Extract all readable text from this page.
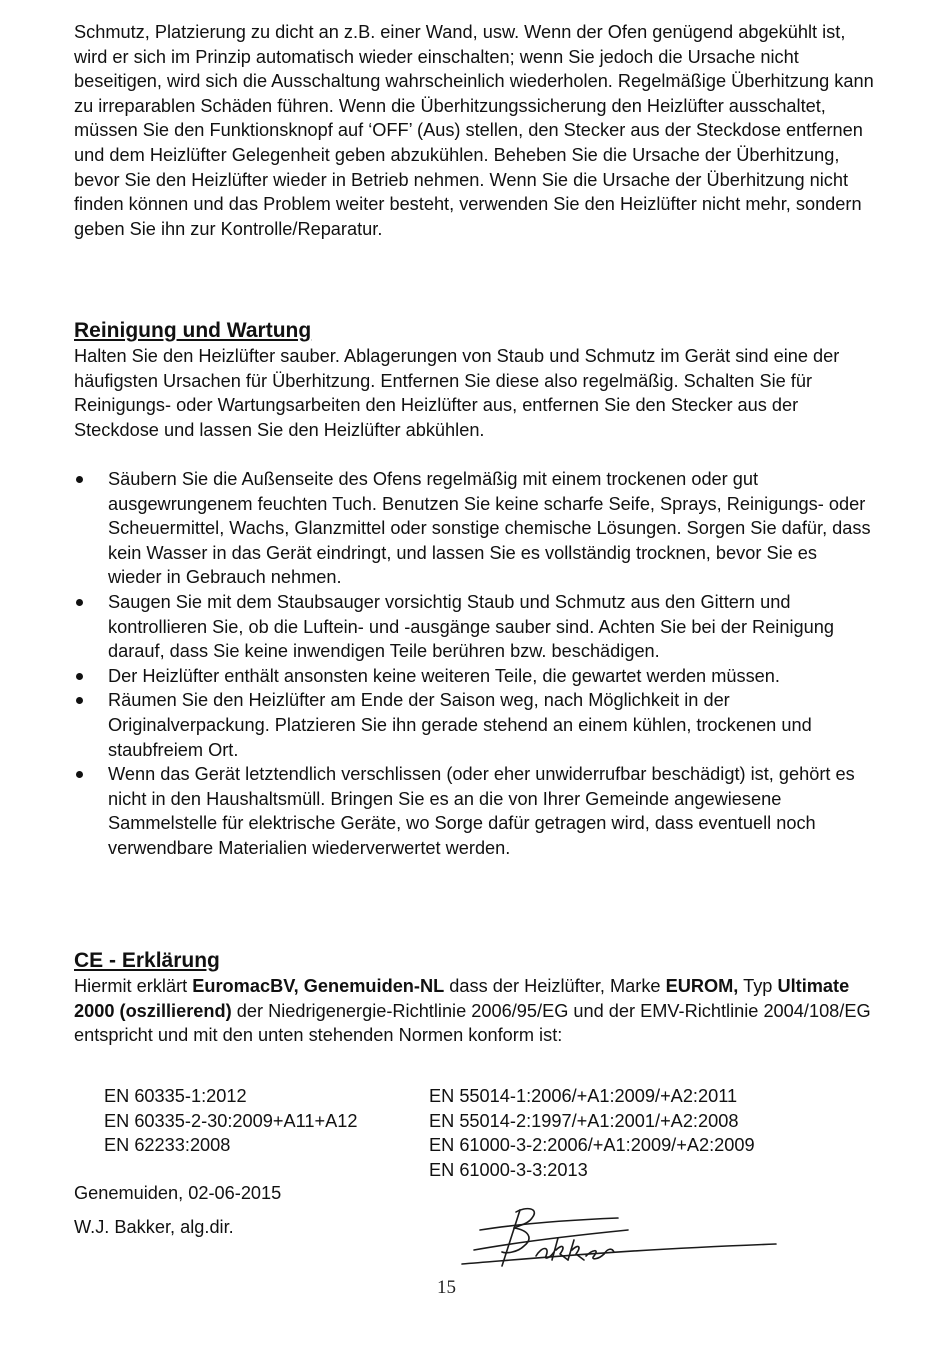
Schmutz, Platzierung zu dicht an z.B. einer Wand, usw. Wenn der Ofen genügend abgekühlt ist, wird er sich im Prinzip automatisch wieder einschalten; wenn Sie jedoch die Ursache nicht beseitigen, wird sich die Ausschaltung wahrscheinlich wiederholen. Regelmäßige Überhitzung kann zu irreparablen Schäden führen. Wenn die Überhitzungssicherung den Heizlüfter ausschaltet, müssen Sie den Funktionsknopf auf ‘OFF’ (Aus) stellen, den Stecker aus der Steckdose entfernen und dem Heizlüfter Gelegenheit geben abzukühlen. Beheben Sie die Ursache der Überhitzung, bevor Sie den Heizlüfter wieder in Betrieb nehmen. Wenn Sie die Ursache der Überhitzung nicht finden können und das Problem weiter besteht, verwenden Sie den Heizlüfter nicht mehr, sondern geben Sie ihn zur Kontrolle/Reparatur.

Reinigung und Wartung

Halten Sie den Heizlüfter sauber. Ablagerungen von Staub und Schmutz im Gerät sind eine der häufigsten Ursachen für Überhitzung. Entfernen Sie diese also regelmäßig. Schalten Sie für Reinigungs- oder Wartungsarbeiten den Heizlüfter aus, entfernen Sie den Stecker aus der Steckdose und lassen Sie den Heizlüfter abkühlen.

Säubern Sie die Außenseite des Ofens regelmäßig mit einem trockenen oder gut ausgewrungenem feuchten Tuch. Benutzen Sie keine scharfe Seife, Sprays, Reinigungs- oder Scheuermittel, Wachs, Glanzmittel oder sonstige chemische Lösungen. Sorgen Sie dafür, dass kein Wasser in das Gerät eindringt, und lassen Sie es vollständig trocknen, bevor Sie es wieder in Gebrauch nehmen.
Saugen Sie mit dem Staubsauger vorsichtig Staub und Schmutz aus den Gittern und kontrollieren Sie, ob die Luftein- und -ausgänge sauber sind. Achten Sie bei der Reinigung darauf, dass Sie keine inwendigen Teile berühren bzw. beschädigen.
Der Heizlüfter enthält ansonsten keine weiteren Teile, die gewartet werden müssen.
Räumen Sie den Heizlüfter am Ende der Saison weg, nach Möglichkeit in der Originalverpackung. Platzieren Sie ihn gerade stehend an einem kühlen, trockenen und staubfreiem Ort.
Wenn das Gerät letztendlich verschlissen (oder eher unwiderrufbar beschädigt) ist, gehört es nicht in den Haushaltsmüll. Bringen Sie es an die von Ihrer Gemeinde angewiesene Sammelstelle für elektrische Geräte, wo Sorge dafür getragen wird, dass eventuell noch verwendbare Materialien wiederverwertet werden.
CE - Erklärung

Hiermit erklärt EuromacBV, Genemuiden-NL dass der Heizlüfter, Marke EUROM, Typ Ultimate 2000 (oszillierend) der Niedrigenergie-Richtlinie 2006/95/EG und der EMV-Richtlinie 2004/108/EG entspricht und mit den unten stehenden Normen konform ist:

EN 60335-1:2012
EN 60335-2-30:2009+A11+A12
EN 62233:2008
EN 55014-1:2006/+A1:2009/+A2:2011
EN 55014-2:1997/+A1:2001/+A2:2008
EN 61000-3-2:2006/+A1:2009/+A2:2009
EN 61000-3-3:2013

Genemuiden, 02-06-2015

W.J. Bakker, alg.dir.

15
